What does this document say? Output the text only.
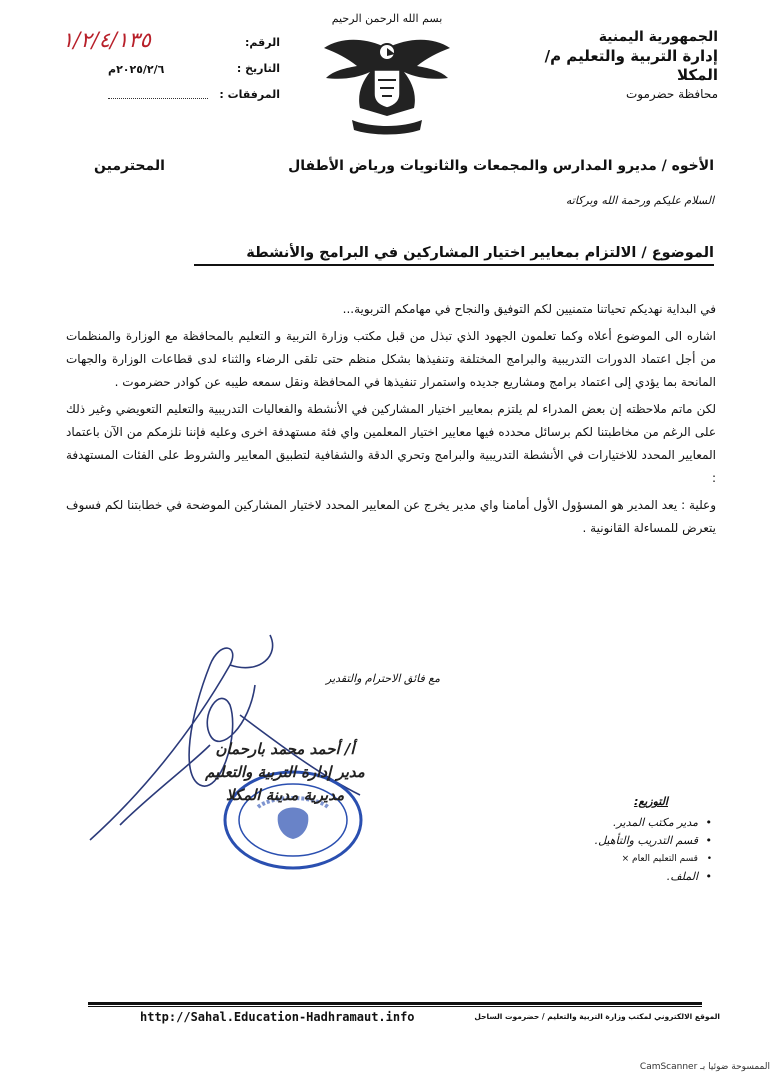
الجمهورية اليمنية
إدارة التربية والتعليم م/ المكلا
محافظة حضرموت
بسم الله الرحمن الرحيم
الرقم:
١/٢/٤/١٣٥
التاريخ :
٢٠٢٥/٢/٦م
المرفقات :
الأخوه / مديرو المدارس والمجمعات والثانويات ورياض الأطفال
المحترمين
السلام عليكم ورحمة الله وبركاته
الموضوع / الالتزام بمعايير اختيار المشاركين في البرامج والأنشطة

في البداية نهديكم تحياتنا متمنيين لكم التوفيق والنجاح في مهامكم التربوية...

اشاره الى الموضوع أعلاه وكما تعلمون الجهود الذي تبذل من قبل مكتب وزارة التربية و التعليم بالمحافظة مع الوزارة والمنظمات من أجل اعتماد الدورات التدريبية والبرامج المختلفة وتنفيذها بشكل منظم حتى تلقى الرضاء والثناء لدى قطاعات الوزارة والجهات المانحة بما يؤدي إلى اعتماد برامج ومشاريع جديده واستمرار تنفيذها في المحافظة ونقل سمعه طيبه عن كوادر حضرموت .

لكن ماتم ملاحظته إن بعض المدراء لم يلتزم بمعايير اختيار المشاركين في الأنشطة والفعاليات التدريبية والتعليم التعويضي وغير ذلك على الرغم من مخاطبتنا لكم برسائل محدده فيها معايير اختيار المعلمين واي فئة مستهدفة اخرى وعليه فإننا نلزمكم من الآن باعتماد المعايير المحدد للاختيارات في الأنشطة التدريبية والبرامج وتحري الدقة والشفافية لتطبيق المعايير والشروط على الفئات المستهدفة :

وعلية : يعد المدير هو المسؤول الأول أمامنا واي مدير يخرج عن المعايير المحدد لاختيار المشاركين الموضحة في خطابتنا لكم فسوف يتعرض للمساءلة القانونية .

مع فائق الاحترام والتقدير
أ/ أحمد محمد بارحمان
مدير إدارة التربية والتعليم
مديرية مدينة المكلا	التوزيع:
• مدير مكتب المدير.
• قسم التدريب والتأهيل.
• قسم التعليم العام ×
• الملف.
http://Sahal.Education-Hadhramaut.info	الموقع الالكتروني لمكتب وزارة التربية والتعليم / حضرموت الساحل
الممسوحة ضوئيا بـ CamScanner
